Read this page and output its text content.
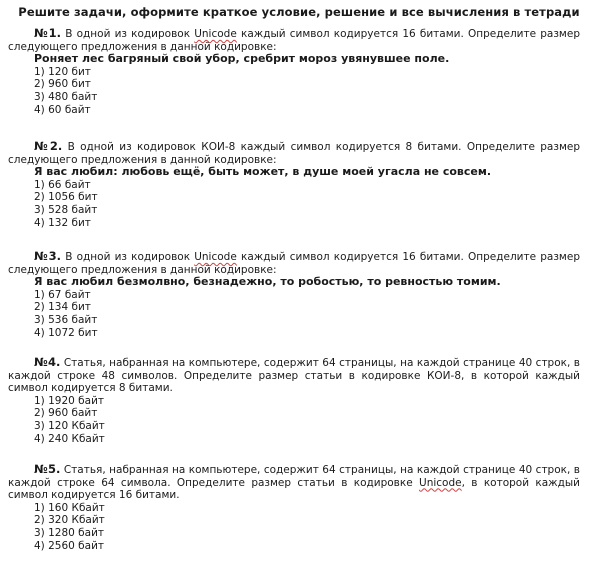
Решите задачи, оформите краткое условие, решение и все вычисления в тетради

№1. В одной из кодировок Unicode каждый символ кодируется 16 битами. Определите размер следующего предложения в данной кодировке:

Роняет лес багряный свой убор, сребрит мороз увянувшее поле.

1) 120 бит
2) 960 бит
3) 480 байт
4) 60 байт

№2. В одной из кодировок КОИ-8 каждый символ кодируется 8 битами. Определите размер следующего предложения в данной кодировке:

Я вас любил: любовь ещё, быть может, в душе моей угасла не совсем.

1) 66 байт
2) 1056 бит
3) 528 байт
4) 132 бит

№3. В одной из кодировок Unicode каждый символ кодируется 16 битами. Определите размер следующего предложения в данной кодировке:

Я вас любил безмолвно, безнадежно, то робостью, то ревностью томим.

1) 67 байт
2) 134 бит
3) 536 байт
4) 1072 бит

№4. Статья, набранная на компьютере, содержит 64 страницы, на каждой странице 40 строк, в каждой строке 48 символов. Определите размер статьи в кодировке КОИ-8, в которой каждый символ кодируется 8 битами.

1) 1920 байт
2) 960 байт
3) 120 Кбайт
4) 240 Кбайт

№5. Статья, набранная на компьютере, содержит 64 страницы, на каждой странице 40 строк, в каждой строке 64 символа. Определите размер статьи в кодировке Unicode, в которой каждый символ кодируется 16 битами.

1) 160 Кбайт
2) 320 Кбайт
3) 1280 байт
4) 2560 байт
